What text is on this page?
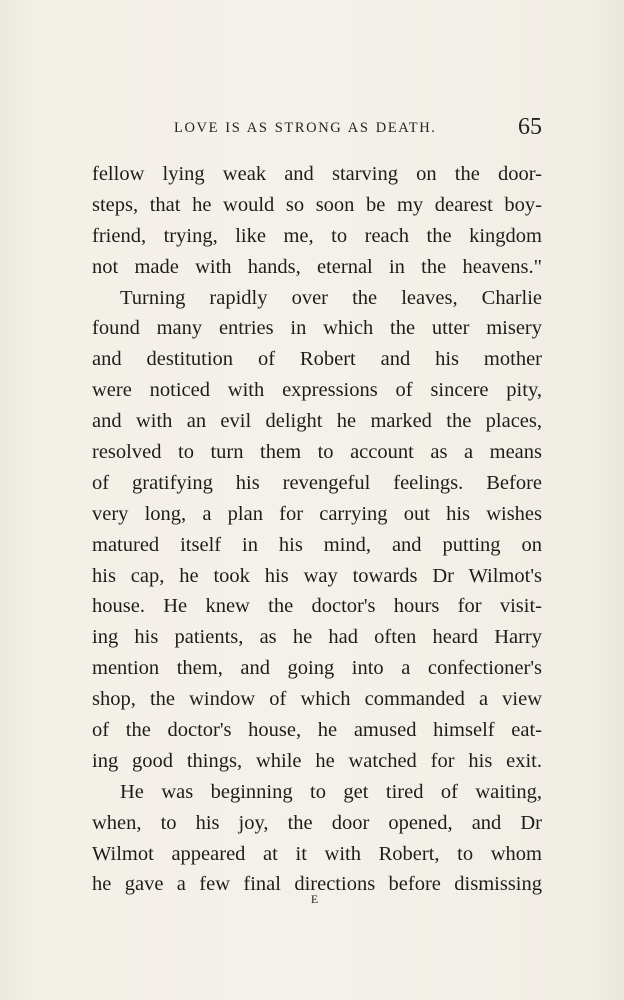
LOVE IS AS STRONG AS DEATH.	65
fellow lying weak and starving on the door-
steps, that he would so soon be my dearest boy-
friend, trying, like me, to reach the kingdom
not made with hands, eternal in the heavens."
Turning rapidly over the leaves, Charlie
found many entries in which the utter misery
and destitution of Robert and his mother
were noticed with expressions of sincere pity,
and with an evil delight he marked the places,
resolved to turn them to account as a means
of gratifying his revengeful feelings. Before
very long, a plan for carrying out his wishes
matured itself in his mind, and putting on
his cap, he took his way towards Dr Wilmot's
house. He knew the doctor's hours for visit-
ing his patients, as he had often heard Harry
mention them, and going into a confectioner's
shop, the window of which commanded a view
of the doctor's house, he amused himself eat-
ing good things, while he watched for his exit.
He was beginning to get tired of waiting,
when, to his joy, the door opened, and Dr
Wilmot appeared at it with Robert, to whom
he gave a few final directions before dismissing
E
